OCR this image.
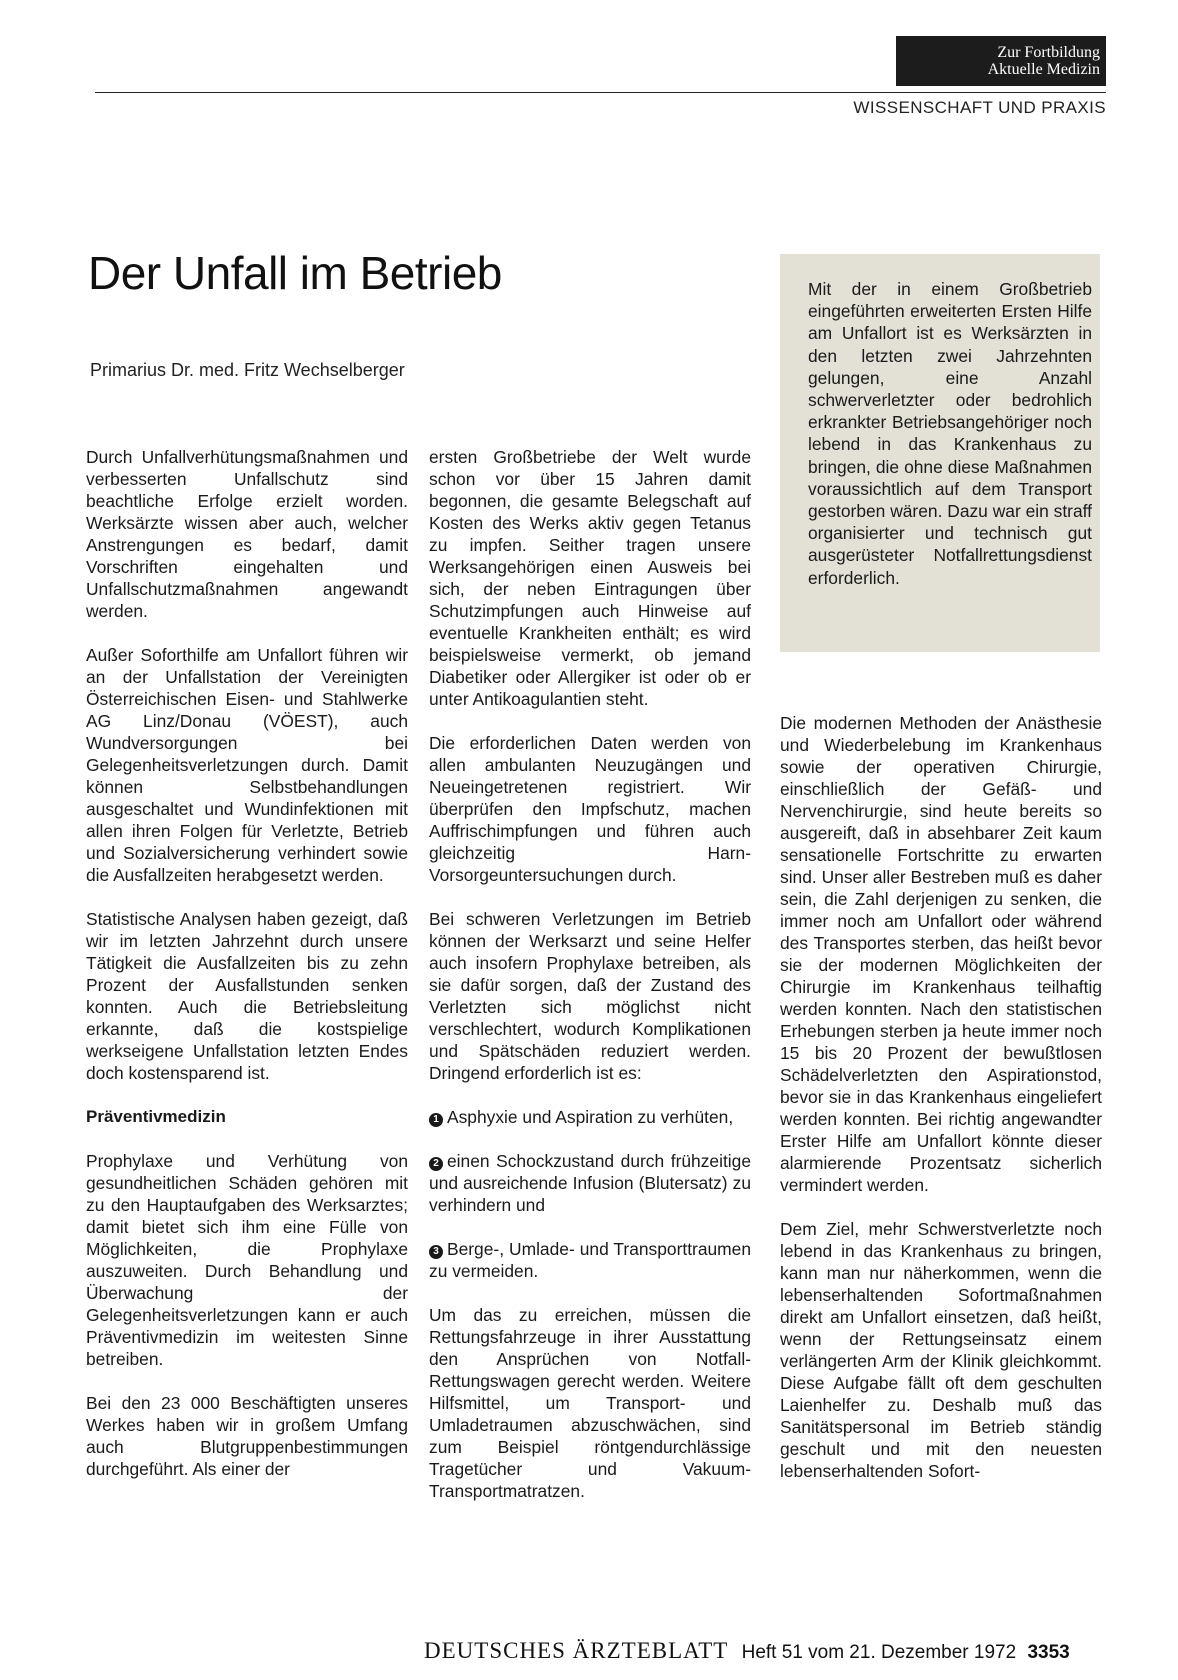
Zur Fortbildung
Aktuelle Medizin
WISSENSCHAFT UND PRAXIS
Der Unfall im Betrieb
Primarius Dr. med. Fritz Wechselberger
Mit der in einem Großbetrieb eingeführten erweiterten Ersten Hilfe am Unfallort ist es Werksärzten in den letzten zwei Jahrzehnten gelungen, eine Anzahl schwerverletzter oder bedrohlich erkrankter Betriebsangehöriger noch lebend in das Krankenhaus zu bringen, die ohne diese Maßnahmen voraussichtlich auf dem Transport gestorben wären. Dazu war ein straff organisierter und technisch gut ausgerüsteter Notfallrettungsdienst erforderlich.

Durch Unfallverhütungsmaßnahmen und verbesserten Unfallschutz sind beachtliche Erfolge erzielt worden. Werksärzte wissen aber auch, welcher Anstrengungen es bedarf, damit Vorschriften eingehalten und Unfallschutzmaßnahmen angewandt werden.

Außer Soforthilfe am Unfallort führen wir an der Unfallstation der Vereinigten Österreichischen Eisen- und Stahlwerke AG Linz/Donau (VÖEST), auch Wundversorgungen bei Gelegenheitsverletzungen durch. Damit können Selbstbehandlungen ausgeschaltet und Wundinfektionen mit allen ihren Folgen für Verletzte, Betrieb und Sozialversicherung verhindert sowie die Ausfallzeiten herabgesetzt werden.

Statistische Analysen haben gezeigt, daß wir im letzten Jahrzehnt durch unsere Tätigkeit die Ausfallzeiten bis zu zehn Prozent der Ausfallstunden senken konnten. Auch die Betriebsleitung erkannte, daß die kostspielige werkseigene Unfallstation letzten Endes doch kostensparend ist.

Präventivmedizin

Prophylaxe und Verhütung von gesundheitlichen Schäden gehören mit zu den Hauptaufgaben des Werksarztes; damit bietet sich ihm eine Fülle von Möglichkeiten, die Prophylaxe auszuweiten. Durch Behandlung und Überwachung der Gelegenheitsverletzungen kann er auch Präventivmedizin im weitesten Sinne betreiben.

Bei den 23 000 Beschäftigten unseres Werkes haben wir in großem Umfang auch Blutgruppenbestimmungen durchgeführt. Als einer der

ersten Großbetriebe der Welt wurde schon vor über 15 Jahren damit begonnen, die gesamte Belegschaft auf Kosten des Werks aktiv gegen Tetanus zu impfen. Seither tragen unsere Werksangehörigen einen Ausweis bei sich, der neben Eintragungen über Schutzimpfungen auch Hinweise auf eventuelle Krankheiten enthält; es wird beispielsweise vermerkt, ob jemand Diabetiker oder Allergiker ist oder ob er unter Antikoagulantien steht.

Die erforderlichen Daten werden von allen ambulanten Neuzugängen und Neueingetretenen registriert. Wir überprüfen den Impfschutz, machen Auffrischimpfungen und führen auch gleichzeitig Harn-Vorsorgeuntersuchungen durch.

Bei schweren Verletzungen im Betrieb können der Werksarzt und seine Helfer auch insofern Prophylaxe betreiben, als sie dafür sorgen, daß der Zustand des Verletzten sich möglichst nicht verschlechtert, wodurch Komplikationen und Spätschäden reduziert werden. Dringend erforderlich ist es:

1 Asphyxie und Aspiration zu verhüten,

2 einen Schockzustand durch frühzeitige und ausreichende Infusion (Blutersatz) zu verhindern und

3 Berge-, Umlade- und Transporttraumen zu vermeiden.

Um das zu erreichen, müssen die Rettungsfahrzeuge in ihrer Ausstattung den Ansprüchen von Notfall-Rettungswagen gerecht werden. Weitere Hilfsmittel, um Transport- und Umladetraumen abzuschwächen, sind zum Beispiel röntgendurchlässige Tragetücher und Vakuum-Transportmatratzen.

Die modernen Methoden der Anästhesie und Wiederbelebung im Krankenhaus sowie der operativen Chirurgie, einschließlich der Gefäß- und Nervenchirurgie, sind heute bereits so ausgereift, daß in absehbarer Zeit kaum sensationelle Fortschritte zu erwarten sind. Unser aller Bestreben muß es daher sein, die Zahl derjenigen zu senken, die immer noch am Unfallort oder während des Transportes sterben, das heißt bevor sie der modernen Möglichkeiten der Chirurgie im Krankenhaus teilhaftig werden konnten. Nach den statistischen Erhebungen sterben ja heute immer noch 15 bis 20 Prozent der bewußtlosen Schädelverletzten den Aspirationstod, bevor sie in das Krankenhaus eingeliefert werden konnten. Bei richtig angewandter Erster Hilfe am Unfallort könnte dieser alarmierende Prozentsatz sicherlich vermindert werden.

Dem Ziel, mehr Schwerstverletzte noch lebend in das Krankenhaus zu bringen, kann man nur näherkommen, wenn die lebenserhaltenden Sofortmaßnahmen direkt am Unfallort einsetzen, daß heißt, wenn der Rettungseinsatz einem verlängerten Arm der Klinik gleichkommt. Diese Aufgabe fällt oft dem geschulten Laienhelfer zu. Deshalb muß das Sanitätspersonal im Betrieb ständig geschult und mit den neuesten lebenserhaltenden Sofort-

DEUTSCHES ÄRZTEBLATT Heft 51 vom 21. Dezember 1972 3353
